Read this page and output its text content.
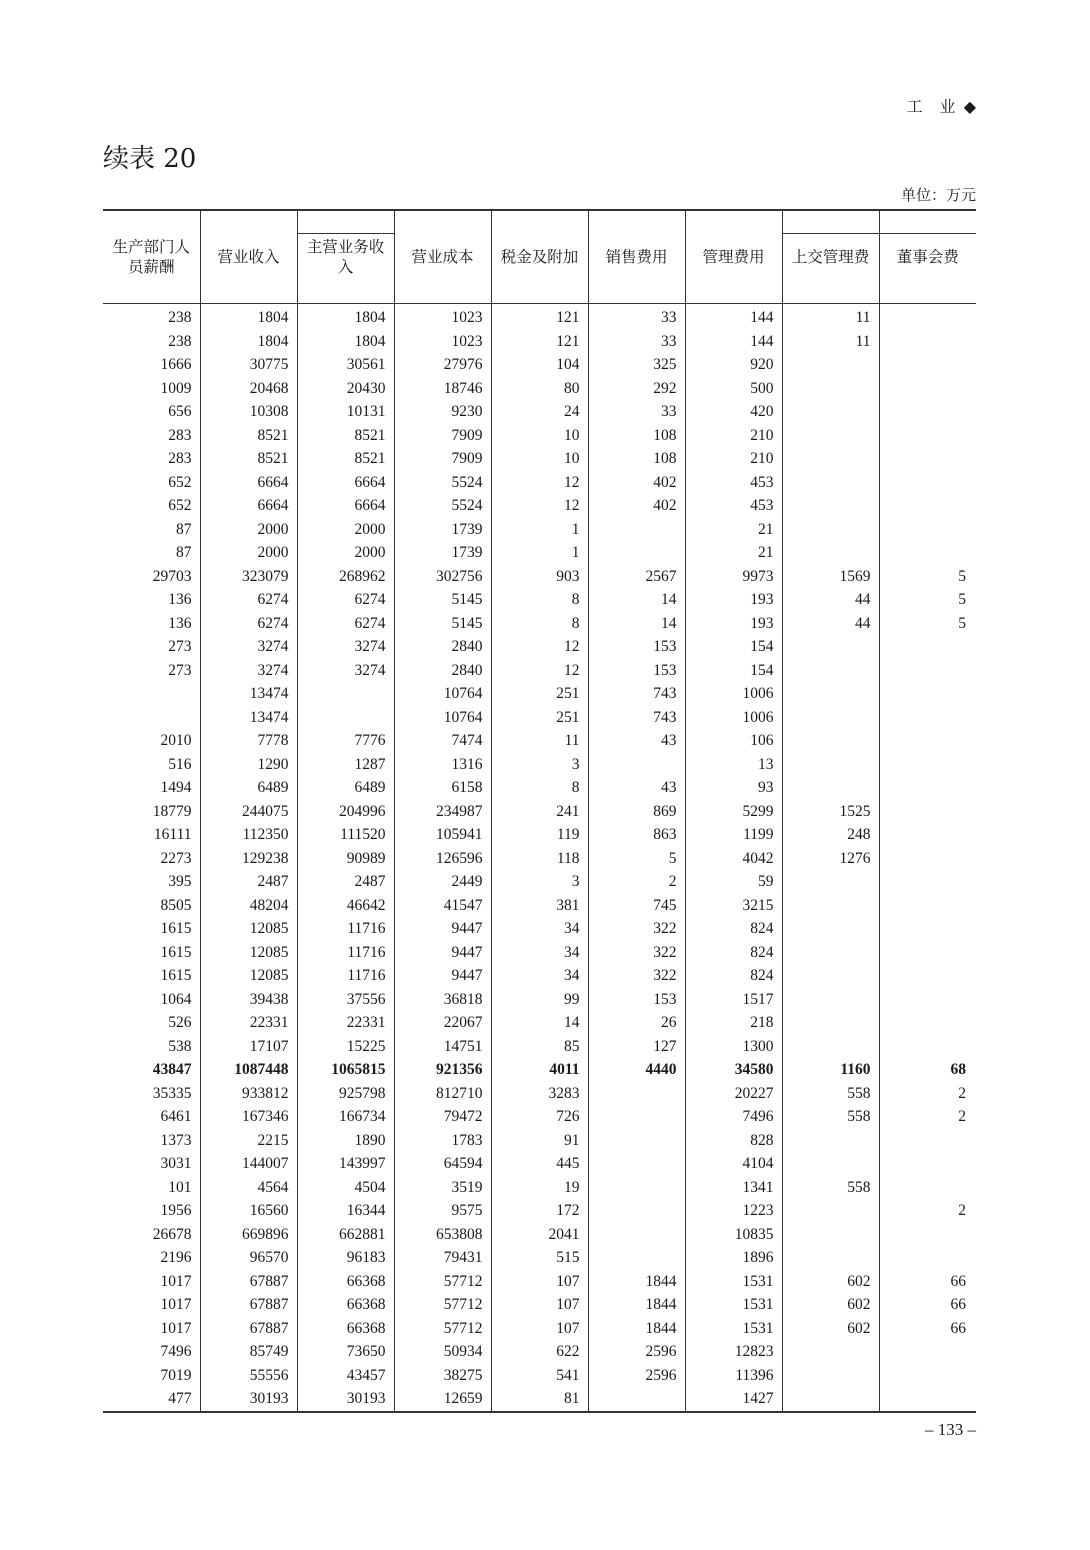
工 业 ◆
续表 20
单位：万元
生产部门人员薪酬	营业收入	主营业务收入	营业成本	税金及附加	销售费用	管理费用	上交管理费	董事会费
238	1804	1804	1023	121	33	144	11	
238	1804	1804	1023	121	33	144	11	
1666	30775	30561	27976	104	325	920		
1009	20468	20430	18746	80	292	500		
656	10308	10131	9230	24	33	420		
283	8521	8521	7909	10	108	210		
283	8521	8521	7909	10	108	210		
652	6664	6664	5524	12	402	453		
652	6664	6664	5524	12	402	453		
87	2000	2000	1739	1		21		
87	2000	2000	1739	1		21		
29703	323079	268962	302756	903	2567	9973	1569	5
136	6274	6274	5145	8	14	193	44	5
136	6274	6274	5145	8	14	193	44	5
273	3274	3274	2840	12	153	154		
273	3274	3274	2840	12	153	154		
	13474		10764	251	743	1006		
	13474		10764	251	743	1006		
2010	7778	7776	7474	11	43	106		
516	1290	1287	1316	3		13		
1494	6489	6489	6158	8	43	93		
18779	244075	204996	234987	241	869	5299	1525	
16111	112350	111520	105941	119	863	1199	248	
2273	129238	90989	126596	118	5	4042	1276	
395	2487	2487	2449	3	2	59		
8505	48204	46642	41547	381	745	3215		
1615	12085	11716	9447	34	322	824		
1615	12085	11716	9447	34	322	824		
1615	12085	11716	9447	34	322	824		
1064	39438	37556	36818	99	153	1517		
526	22331	22331	22067	14	26	218		
538	17107	15225	14751	85	127	1300		
43847	1087448	1065815	921356	4011	4440	34580	1160	68
35335	933812	925798	812710	3283		20227	558	2
6461	167346	166734	79472	726		7496	558	2
1373	2215	1890	1783	91		828		
3031	144007	143997	64594	445		4104		
101	4564	4504	3519	19		1341	558	
1956	16560	16344	9575	172		1223		2
26678	669896	662881	653808	2041		10835		
2196	96570	96183	79431	515		1896		
1017	67887	66368	57712	107	1844	1531	602	66
1017	67887	66368	57712	107	1844	1531	602	66
1017	67887	66368	57712	107	1844	1531	602	66
7496	85749	73650	50934	622	2596	12823		
7019	55556	43457	38275	541	2596	11396		
477	30193	30193	12659	81		1427		
– 133 –
